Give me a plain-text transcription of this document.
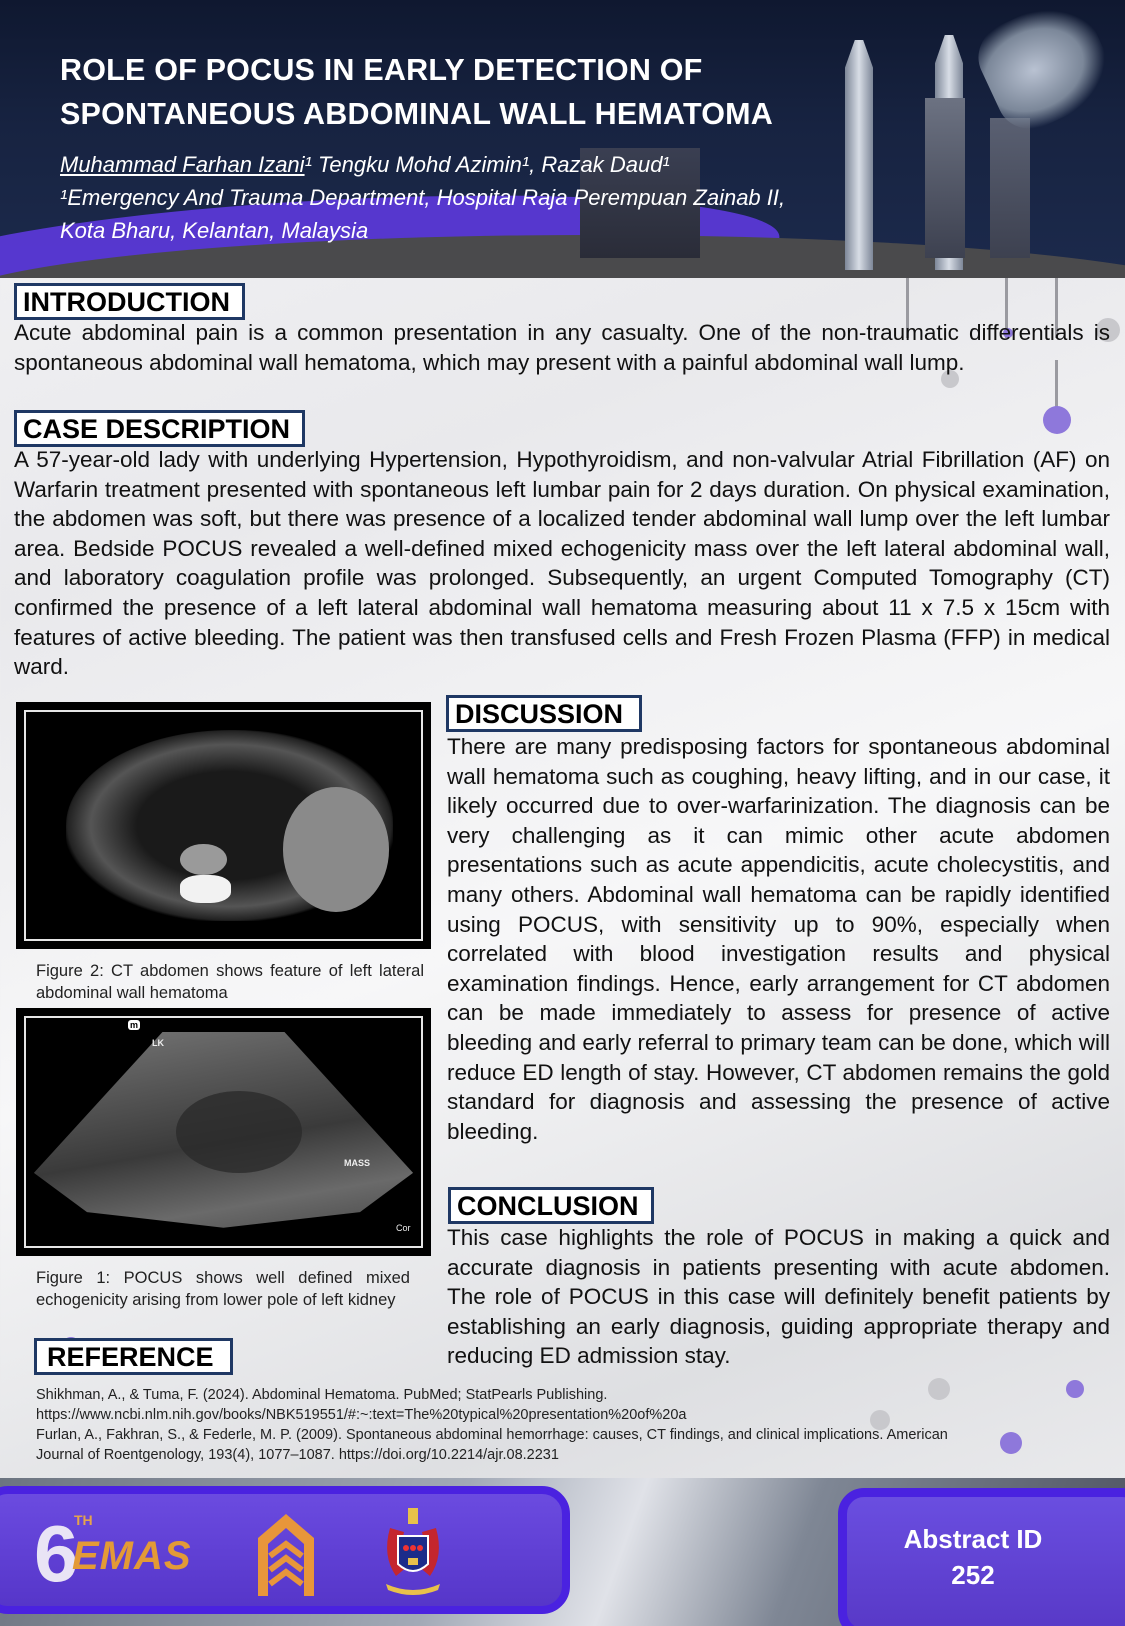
ROLE OF POCUS IN EARLY DETECTION OF
SPONTANEOUS ABDOMINAL WALL HEMATOMA
Muhammad Farhan Izani¹ Tengku Mohd Azimin¹, Razak Daud¹
¹Emergency And Trauma Department, Hospital Raja Perempuan Zainab II,
Kota Bharu, Kelantan, Malaysia
INTRODUCTION

Acute abdominal pain is a common presentation in any casualty. One of the non-traumatic differentials is spontaneous abdominal wall hematoma, which may present with a painful abdominal wall lump.

CASE DESCRIPTION

A 57-year-old lady with underlying Hypertension, Hypothyroidism, and non-valvular Atrial Fibrillation (AF) on Warfarin treatment presented with spontaneous left lumbar pain for 2 days duration. On physical examination, the abdomen was soft, but there was presence of a localized tender abdominal wall lump over the left lumbar area. Bedside POCUS revealed a well-defined mixed echogenicity mass over the left lateral abdominal wall, and laboratory coagulation profile was prolonged. Subsequently, an urgent Computed Tomography (CT) confirmed the presence of a left lateral abdominal wall hematoma measuring about 11 x 7.5 x 15cm with features of active bleeding. The patient was then transfused cells and Fresh Frozen Plasma (FFP) in medical ward.

Figure 2: CT abdomen shows feature of left lateral abdominal wall hematoma

m
LK
MASS
Cor

Figure 1: POCUS shows well defined mixed echogenicity arising from lower pole of left kidney

DISCUSSION

There are many predisposing factors for spontaneous abdominal wall hematoma such as coughing, heavy lifting, and in our case, it likely occurred due to over-warfarinization. The diagnosis can be very challenging as it can mimic other acute abdomen presentations such as acute appendicitis, acute cholecystitis, and many others. Abdominal wall hematoma can be rapidly identified using POCUS, with sensitivity up to 90%, especially when correlated with blood investigation results and physical examination findings. Hence, early arrangement for CT abdomen can be made immediately to assess for presence of active bleeding and early referral to primary team can be done, which will reduce ED length of stay. However, CT abdomen remains the gold standard for diagnosis and assessing the presence of active bleeding.

CONCLUSION

This case highlights the role of POCUS in making a quick and accurate diagnosis in patients presenting with acute abdomen. The role of POCUS in this case will definitely benefit patients by establishing an early diagnosis, guiding appropriate therapy and reducing ED admission stay.

REFERENCE
Shikhman, A., & Tuma, F. (2024). Abdominal Hematoma. PubMed; StatPearls Publishing.
https://www.ncbi.nlm.nih.gov/books/NBK519551/#:~:text=The%20typical%20presentation%20of%20a
Furlan, A., Fakhran, S., & Federle, M. P. (2009). Spontaneous abdominal hemorrhage: causes, CT findings, and clinical implications. American
Journal of Roentgenology, 193(4), 1077–1087. https://doi.org/10.2214/ajr.08.2231
6
TH
EMAS	Abstract ID
252
